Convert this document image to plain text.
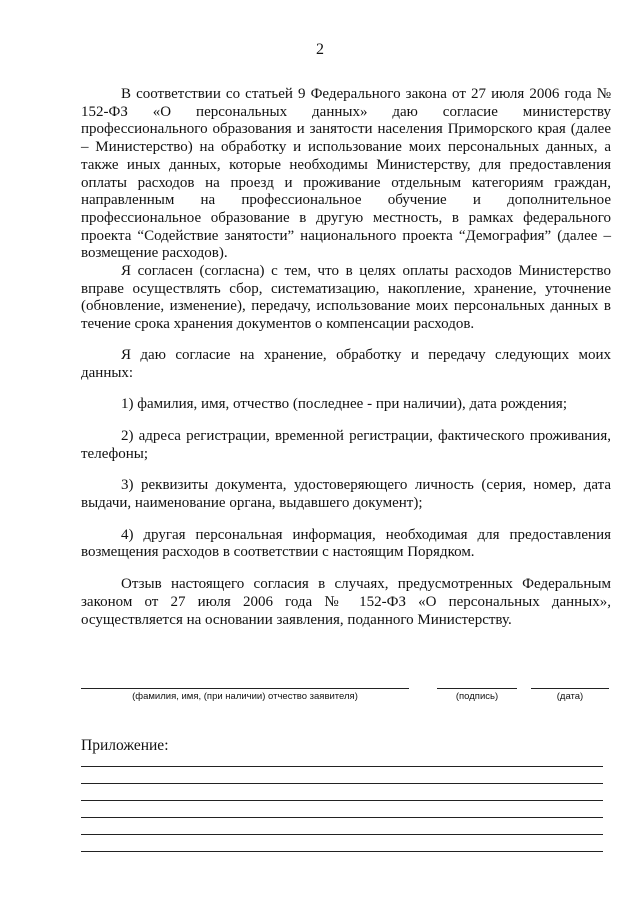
2

В соответствии со статьей 9 Федерального закона от 27 июля 2006 года № 152-ФЗ «О персональных данных» даю согласие министерству профессионального образования и занятости населения Приморского края (далее – Министерство) на обработку и использование моих персональных данных, а также иных данных, которые необходимы Министерству, для предоставления оплаты расходов на проезд и проживание отдельным категориям граждан, направленным на профессиональное обучение и дополнительное профессиональное образование в другую местность, в рамках федерального проекта “Содействие занятости” национального проекта “Демография” (далее – возмещение расходов).

Я согласен (согласна) с тем, что в целях оплаты расходов Министерство вправе осуществлять сбор, систематизацию, накопление, хранение, уточнение (обновление, изменение), передачу, использование моих персональных данных в течение срока хранения документов о компенсации расходов.

Я даю согласие на хранение, обработку и передачу следующих моих данных:

1) фамилия, имя, отчество (последнее - при наличии), дата рождения;

2) адреса регистрации, временной регистрации, фактического проживания, телефоны;

3) реквизиты документа, удостоверяющего личность (серия, номер, дата выдачи, наименование органа, выдавшего документ);

4) другая персональная информация, необходимая для предоставления возмещения расходов в соответствии с настоящим Порядком.

Отзыв настоящего согласия в случаях, предусмотренных Федеральным законом от 27 июля 2006 года № 152-ФЗ «О персональных данных», осуществляется на основании заявления, поданного Министерству.

(фамилия, имя, (при наличии) отчество заявителя)	(подпись)	(дата)
Приложение:
